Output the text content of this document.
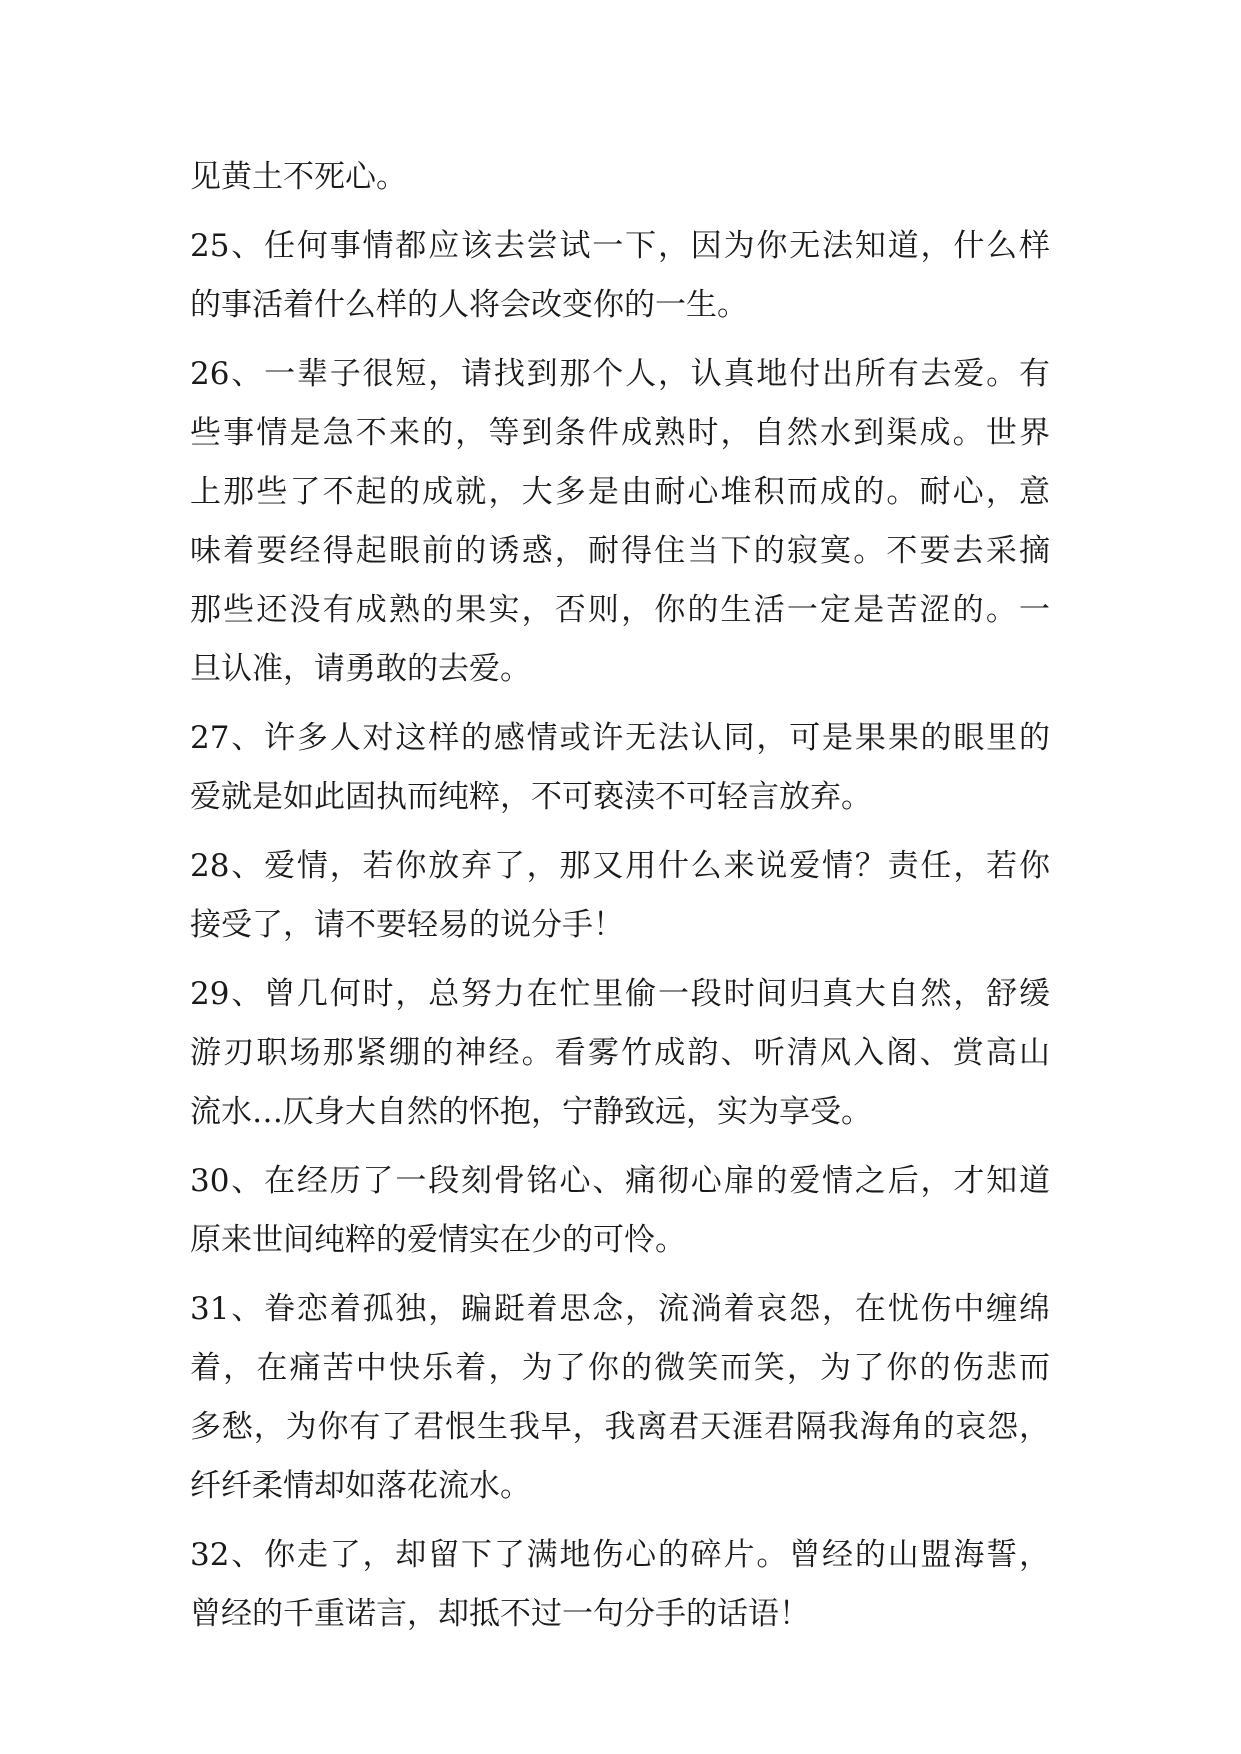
见黄土不死心。
25、任何事情都应该去尝试一下，因为你无法知道，什么样
的事活着什么样的人将会改变你的一生。
26、一辈子很短，请找到那个人，认真地付出所有去爱。有
些事情是急不来的，等到条件成熟时，自然水到渠成。世界
上那些了不起的成就，大多是由耐心堆积而成的。耐心，意
味着要经得起眼前的诱惑，耐得住当下的寂寞。不要去采摘
那些还没有成熟的果实，否则，你的生活一定是苦涩的。一
旦认准，请勇敢的去爱。
27、许多人对这样的感情或许无法认同，可是果果的眼里的
爱就是如此固执而纯粹，不可亵渎不可轻言放弃。
28、爱情，若你放弃了，那又用什么来说爱情？责任，若你
接受了，请不要轻易的说分手！
29、曾几何时，总努力在忙里偷一段时间归真大自然，舒缓
游刃职场那紧绷的神经。看雾竹成韵、听清风入阁、赏高山
流水…仄身大自然的怀抱，宁静致远，实为享受。
30、在经历了一段刻骨铭心、痛彻心扉的爱情之后，才知道
原来世间纯粹的爱情实在少的可怜。
31、眷恋着孤独，蹁跹着思念，流淌着哀怨，在忧伤中缠绵
着，在痛苦中快乐着，为了你的微笑而笑，为了你的伤悲而
多愁，为你有了君恨生我早，我离君天涯君隔我海角的哀怨，
纤纤柔情却如落花流水。
32、你走了，却留下了满地伤心的碎片。曾经的山盟海誓，
曾经的千重诺言，却抵不过一句分手的话语！
